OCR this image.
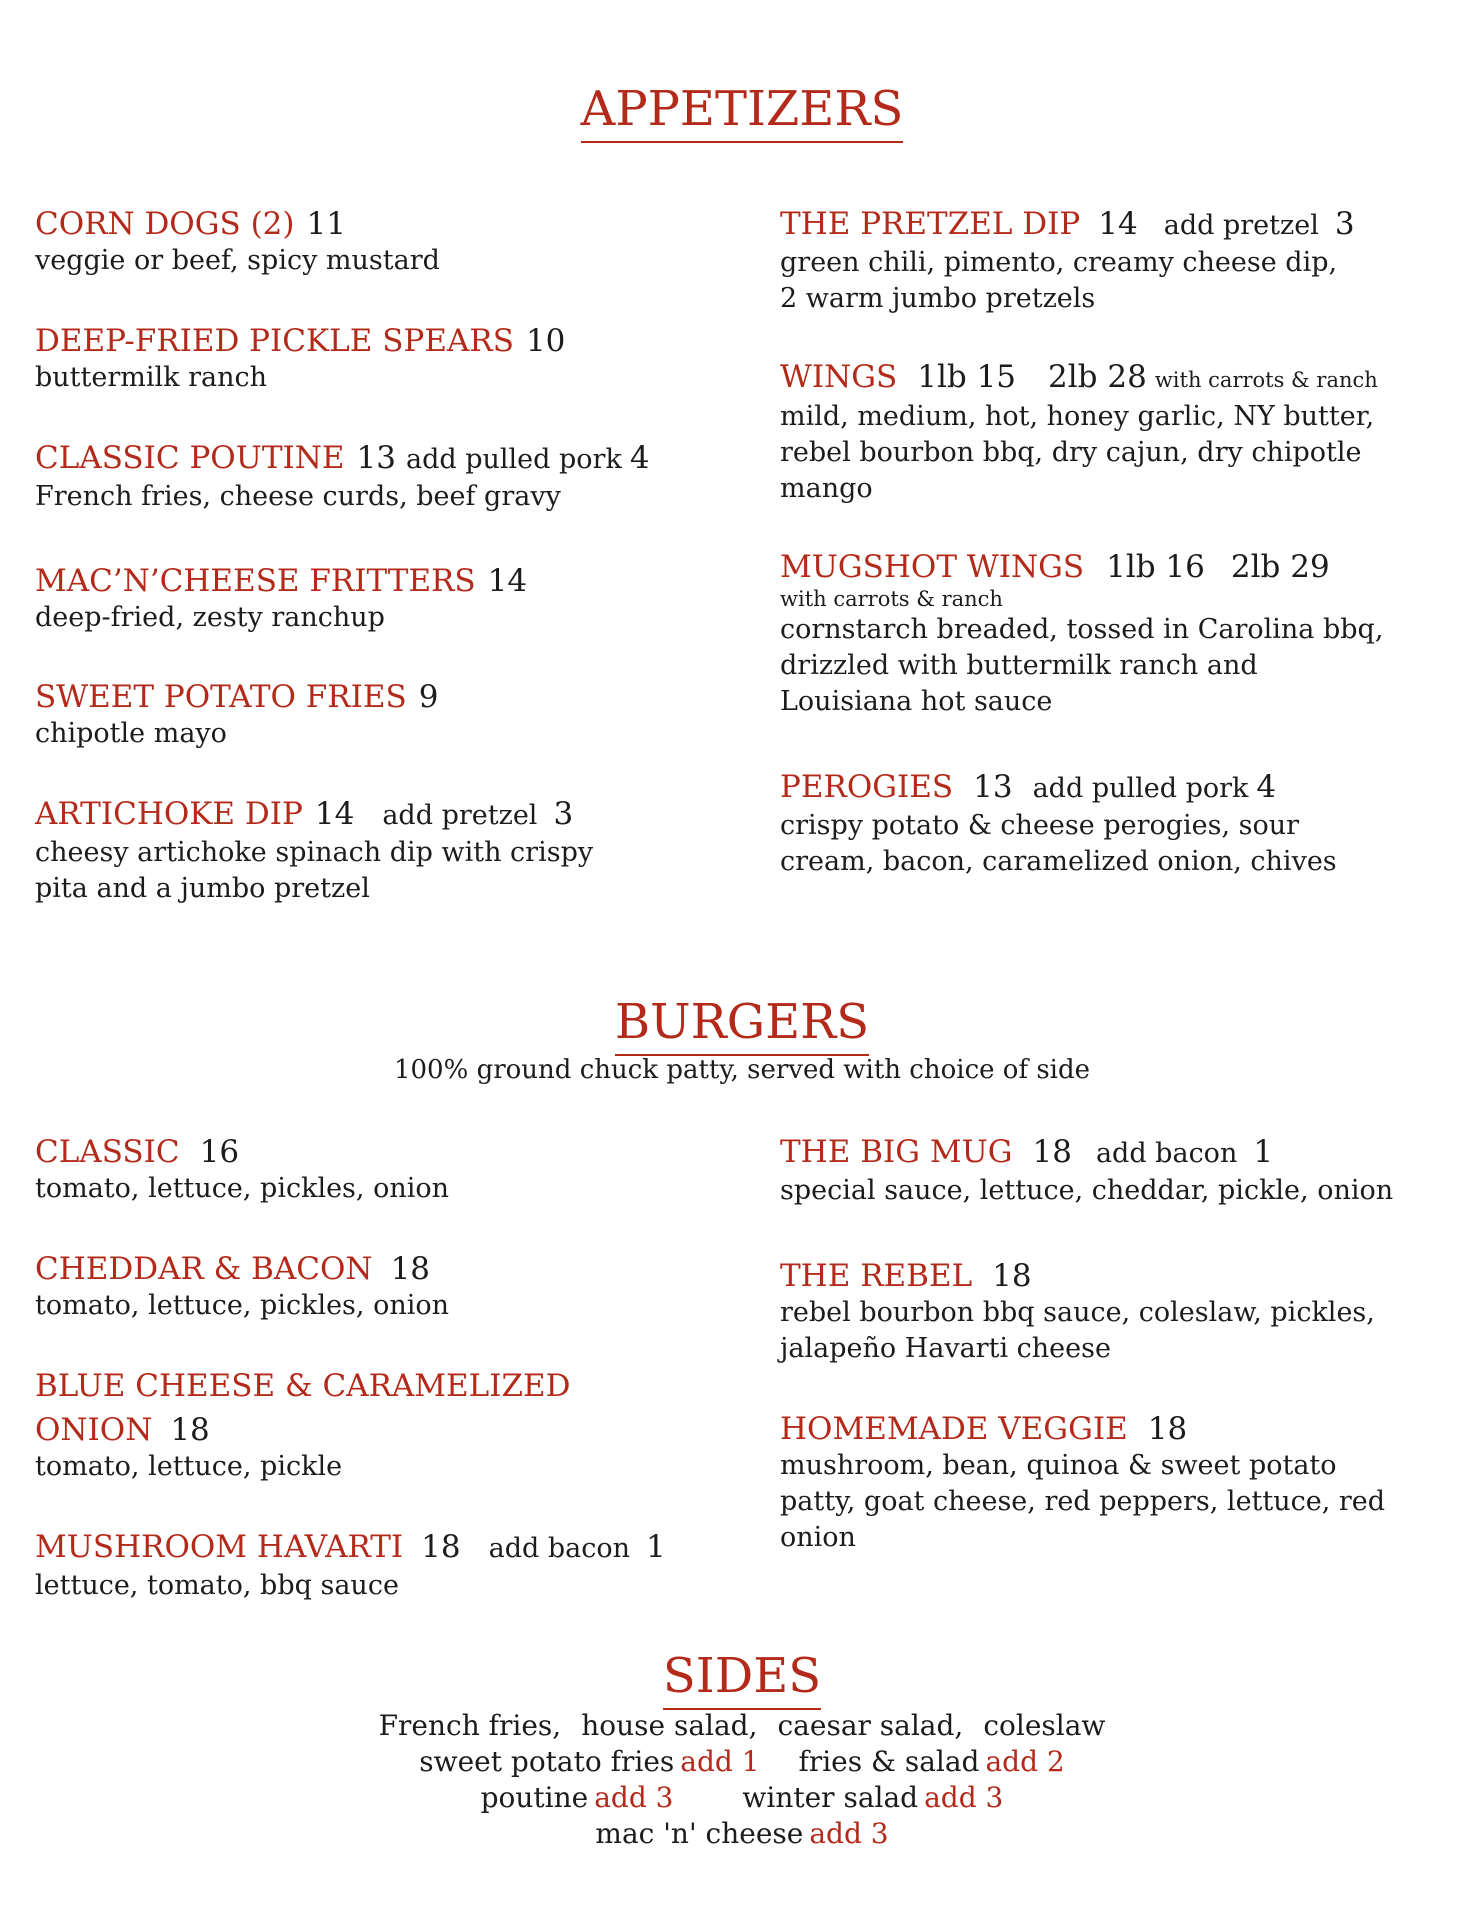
APPETIZERS
CORN DOGS (2) 11
veggie or beef, spicy mustard
DEEP-FRIED PICKLE SPEARS 10
buttermilk ranch
CLASSIC POUTINE 13 add pulled pork 4
French fries, cheese curds, beef gravy
MAC’N’CHEESE FRITTERS 14
deep-fried, zesty ranchup
SWEET POTATO FRIES 9
chipotle mayo
ARTICHOKE DIP 14 add pretzel 3
cheesy artichoke spinach dip with crispy
pita and a jumbo pretzel
THE PRETZEL DIP 14 add pretzel 3
green chili, pimento, creamy cheese dip,
2 warm jumbo pretzels
WINGS 1lb 15 2lb 28 with carrots & ranch
mild, medium, hot, honey garlic, NY butter,
rebel bourbon bbq, dry cajun, dry chipotle
mango
MUGSHOT WINGS 1lb 16 2lb 29
with carrots & ranch
cornstarch breaded, tossed in Carolina bbq,
drizzled with buttermilk ranch and
Louisiana hot sauce
PEROGIES 13 add pulled pork 4
crispy potato & cheese perogies, sour
cream, bacon, caramelized onion, chives
BURGERS
100% ground chuck patty, served with choice of side
CLASSIC 16
tomato, lettuce, pickles, onion
CHEDDAR & BACON 18
tomato, lettuce, pickles, onion
BLUE CHEESE & CARAMELIZED
ONION 18
tomato, lettuce, pickle
MUSHROOM HAVARTI 18 add bacon 1
lettuce, tomato, bbq sauce
THE BIG MUG 18 add bacon 1
special sauce, lettuce, cheddar, pickle, onion
THE REBEL 18
rebel bourbon bbq sauce, coleslaw, pickles,
jalapeño Havarti cheese
HOMEMADE VEGGIE 18
mushroom, bean, quinoa & sweet potato
patty, goat cheese, red peppers, lettuce, red
onion
SIDES
French fries, house salad, caesar salad, coleslaw
sweet potato fries add 1 fries & salad add 2
poutine add 3 winter salad add 3
mac 'n' cheese add 3
